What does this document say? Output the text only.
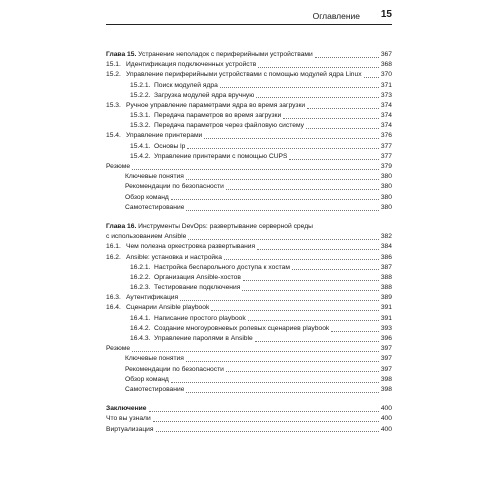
Оглавление 15
Глава 15. Устранение неполадок с периферийными устройствами	367
15.1. Идентификация подключенных устройств	368
15.2. Управление периферийными устройствами с помощью модулей ядра Linux	370
15.2.1. Поиск модулей ядра	371
15.2.2. Загрузка модулей ядра вручную	373
15.3. Ручное управление параметрами ядра во время загрузки	374
15.3.1. Передача параметров во время загрузки	374
15.3.2. Передача параметров через файловую систему	374
15.4. Управление принтерами	376
15.4.1. Основы lp	377
15.4.2. Управление принтерами с помощью CUPS	377
Резюме	379
Ключевые понятия	380
Рекомендации по безопасности	380
Обзор команд	380
Самотестирование	380
Глава 16. Инструменты DevOps: развертывание серверной среды
с использованием Ansible	382
16.1. Чем полезна оркестровка развертывания	384
16.2. Ansible: установка и настройка	386
16.2.1. Настройка беспарольного доступа к хостам	387
16.2.2. Организация Ansible-хостов	388
16.2.3. Тестирование подключения	388
16.3. Аутентификация	389
16.4. Сценарии Ansible playbook	391
16.4.1. Написание простого playbook	391
16.4.2. Создание многоуровневых ролевых сценариев playbook	393
16.4.3. Управление паролями в Ansible	396
Резюме	397
Ключевые понятия	397
Рекомендации по безопасности	397
Обзор команд	398
Самотестирование	398
Заключение	400
Что вы узнали	400
Виртуализация	400
